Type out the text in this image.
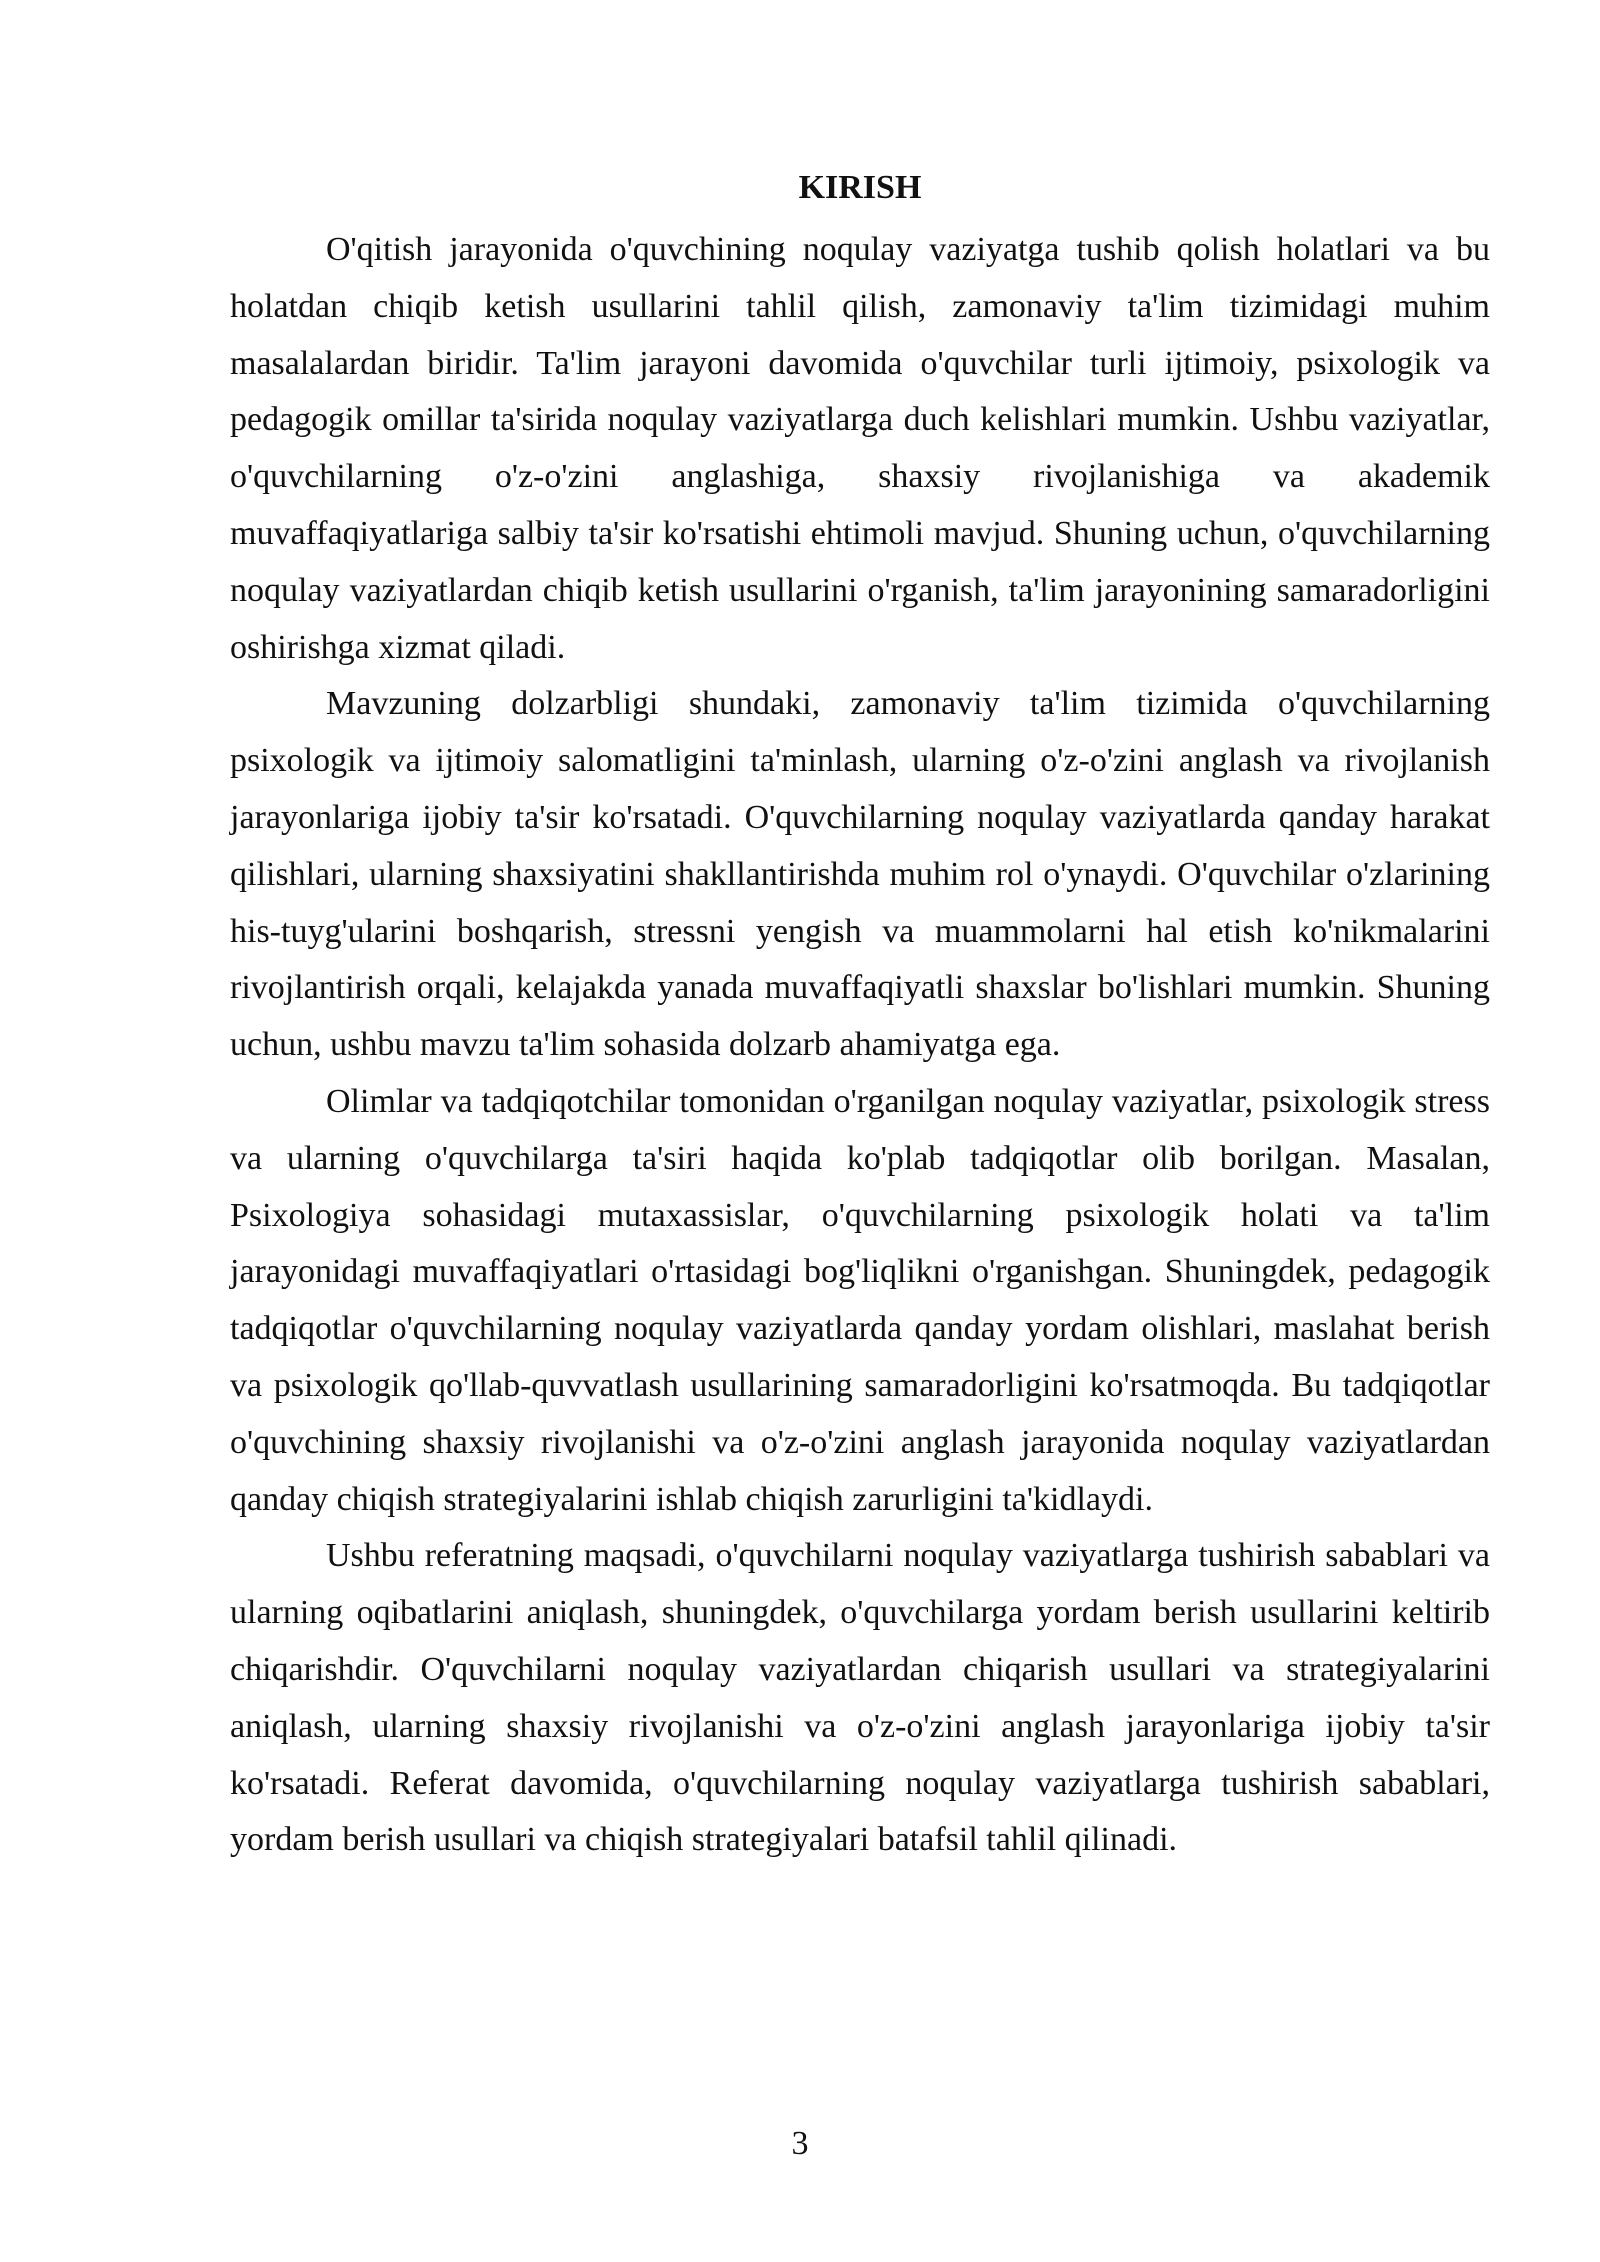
KIRISH

O'qitish jarayonida o'quvchining noqulay vaziyatga tushib qolish holatlari va bu holatdan chiqib ketish usullarini tahlil qilish, zamonaviy ta'lim tizimidagi muhim masalalardan biridir. Ta'lim jarayoni davomida o'quvchilar turli ijtimoiy, psixologik va pedagogik omillar ta'sirida noqulay vaziyatlarga duch kelishlari mumkin. Ushbu vaziyatlar, o'quvchilarning o'z-o'zini anglashiga, shaxsiy rivojlanishiga va akademik muvaffaqiyatlariga salbiy ta'sir ko'rsatishi ehtimoli mavjud. Shuning uchun, o'quvchilarning noqulay vaziyatlardan chiqib ketish usullarini o'rganish, ta'lim jarayonining samaradorligini oshirishga xizmat qiladi.

Mavzuning dolzarbligi shundaki, zamonaviy ta'lim tizimida o'quvchilarning psixologik va ijtimoiy salomatligini ta'minlash, ularning o'z-o'zini anglash va rivojlanish jarayonlariga ijobiy ta'sir ko'rsatadi. O'quvchilarning noqulay vaziyatlarda qanday harakat qilishlari, ularning shaxsiyatini shakllantirishda muhim rol o'ynaydi. O'quvchilar o'zlarining his-tuyg'ularini boshqarish, stressni yengish va muammolarni hal etish ko'nikmalarini rivojlantirish orqali, kelajakda yanada muvaffaqiyatli shaxslar bo'lishlari mumkin. Shuning uchun, ushbu mavzu ta'lim sohasida dolzarb ahamiyatga ega.

Olimlar va tadqiqotchilar tomonidan o'rganilgan noqulay vaziyatlar, psixologik stress va ularning o'quvchilarga ta'siri haqida ko'plab tadqiqotlar olib borilgan. Masalan, Psixologiya sohasidagi mutaxassislar, o'quvchilarning psixologik holati va ta'lim jarayonidagi muvaffaqiyatlari o'rtasidagi bog'liqlikni o'rganishgan. Shuningdek, pedagogik tadqiqotlar o'quvchilarning noqulay vaziyatlarda qanday yordam olishlari, maslahat berish va psixologik qo'llab-quvvatlash usullarining samaradorligini ko'rsatmoqda. Bu tadqiqotlar o'quvchining shaxsiy rivojlanishi va o'z-o'zini anglash jarayonida noqulay vaziyatlardan qanday chiqish strategiyalarini ishlab chiqish zarurligini ta'kidlaydi.

Ushbu referatning maqsadi, o'quvchilarni noqulay vaziyatlarga tushirish sabablari va ularning oqibatlarini aniqlash, shuningdek, o'quvchilarga yordam berish usullarini keltirib chiqarishdir. O'quvchilarni noqulay vaziyatlardan chiqarish usullari va strategiyalarini aniqlash, ularning shaxsiy rivojlanishi va o'z-o'zini anglash jarayonlariga ijobiy ta'sir ko'rsatadi. Referat davomida, o'quvchilarning noqulay vaziyatlarga tushirish sabablari, yordam berish usullari va chiqish strategiyalari batafsil tahlil qilinadi.

3
